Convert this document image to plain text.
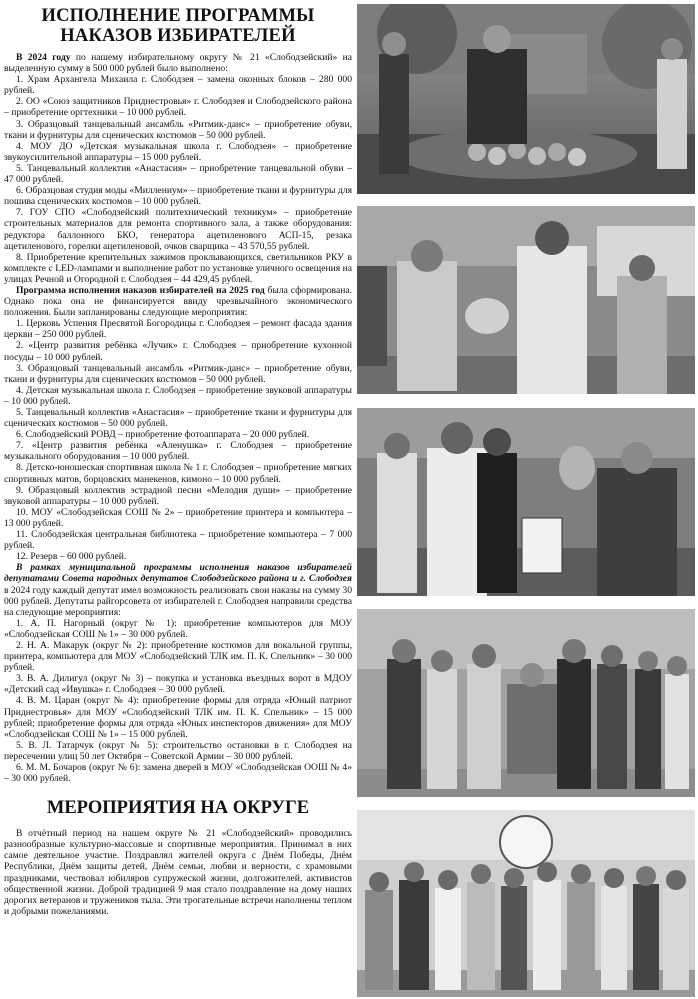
ИСПОЛНЕНИЕ ПРОГРАММЫ
НАКАЗОВ ИЗБИРАТЕЛЕЙ

В 2024 году по нашему избирательному округу № 21 «Слободзейский» на выделенную сумму в 500 000 рублей было выполнено:

1. Храм Архангела Михаила г. Слободзея – замена оконных блоков – 280 000 рублей.

2. ОО «Союз защитников Приднестровья» г. Слободзея и Слободзейского района – приобретение оргтехники – 10 000 рублей.

3. Образцовый танцевальный ансамбль «Ритмик-данс» – приобретение обуви, ткани и фурнитуры для сценических костюмов – 50 000 рублей.

4. МОУ ДО «Детская музыкальная школа г. Слободзея» – приобретение звукоусилительной аппаратуры – 15 000 рублей.

5. Танцевальный коллектив «Анастасия» – приобретение танцевальной обуви – 47 000 рублей.

6. Образцовая студия моды «Миллениум» – приобретение ткани и фурнитуры для пошива сценических костюмов – 10 000 рублей.

7. ГОУ СПО «Слободзейский политехнический техникум» – приобретение строительных материалов для ремонта спортивного зала, а также оборудования: редуктора баллонного БКО, генератора ацетиленового АСП-15, резака ацетиленового, горелки ацетиленовой, очков сварщика – 43 570,55 рублей.

8. Приобретение крепительных зажимов проклывающихся, светильников РКУ в комплекте с LED-лампами и выполнение работ по установке уличного освещения на улицах Речной и Огородной г. Слободзея – 44 429,45 рублей.

Программа исполнения наказов избирателей на 2025 год была сформирована. Однако пока она не финансируется ввиду чрезвычайного экономического положения. Были запланированы следующие мероприятия:

1. Церковь Успения Пресвятой Богородицы г. Слободзея – ремонт фасада здания церкви – 250 000 рублей.

2. «Центр развития ребёнка «Лучик» г. Слободзея – приобретение кухонной посуды – 10 000 рублей.

3. Образцовый танцевальный ансамбль «Ритмик-данс» – приобретение обуви, ткани и фурнитуры для сценических костюмов – 50 000 рублей.

4. Детская музыкальная школа г. Слободзея – приобретение звуковой аппаратуры – 10 000 рублей.

5. Танцевальный коллектив «Анастасия» – приобретение ткани и фурнитуры для сценических костюмов – 50 000 рублей.

6. Слободзейский РОВД – приобретение фотоаппарата – 20 000 рублей.

7. «Центр развития ребёнка «Аленушка» г. Слободзея – приобретение музыкального оборудования – 10 000 рублей.

8. Детско-юношеская спортивная школа № 1 г. Слободзея – приобретение мягких спортивных матов, борцовских манекенов, кимоно – 10 000 рублей.

9. Образцовый коллектив эстрадной песни «Мелодия души» – приобретение звуковой аппаратуры – 10 000 рублей.

10. МОУ «Слободзейская СОШ № 2» – приобретение принтера и компьютера – 13 000 рублей.

11. Слободзейская центральная библиотека – приобретение компьютера – 7 000 рублей.

12. Резерв – 60 000 рублей.

В рамках муниципальной программы исполнения наказов избирателей депутатами Совета народных депутатов Слободзейского района и г. Слободзея в 2024 году каждый депутат имел возможность реализовать свои наказы на сумму 30 000 рублей. Депутаты райгорсовета от избирателей г. Слободзея направили средства на следующие мероприятия:

1. А. П. Нагорный (округ № 1): приобретение компьютеров для МОУ «Слободзейская СОШ № 1» – 30 000 рублей.

2. Н. А. Макарук (округ № 2): приобретение костюмов для вокальной группы, принтера, компьютера для МОУ «Слободзейский ТЛК им. П. К. Спельник» – 30 000 рублей.

3. В. А. Дилигул (округ № 3) – покупка и установка въездных ворот в МДОУ «Детский сад «Ивушка» г. Слободзея – 30 000 рублей.

4. В. М. Царан (округ № 4): приобретение формы для отряда «Юный патриот Приднестровья» для МОУ «Слободзейский ТЛК им. П. К. Спельник» – 15 000 рублей; приобретение формы для отряда «Юных инспекторов движения» для МОУ «Слободзейская СОШ № 1» – 15 000 рублей.

5. В. Л. Татарчук (округ № 5): строительство остановки в г. Слободзея на пересечении улиц 50 лет Октября – Советской Армии – 30 000 рублей.

6. М. М. Бочаров (округ № 6): замена дверей в МОУ «Слободзейская ООШ № 4» – 30 000 рублей.

МЕРОПРИЯТИЯ НА ОКРУГЕ

В отчётный период на нашем округе № 21 «Слободзейский» проводились разнообразные культурно-массовые и спортивные мероприятия. Принимал в них самое деятельное участие. Поздравлял жителей округа с Днём Победы, Днём Республики, Днём защиты детей, Днём семьи, любви и верности, с храмовыми праздниками, чествовал юбиляров супружеской жизни, долгожителей, активистов общественной жизни. Доброй традицией 9 мая стало поздравление на дому наших дорогих ветеранов и тружеников тыла. Эти трогательные встречи наполнены теплом и добрыми пожеланиями.
